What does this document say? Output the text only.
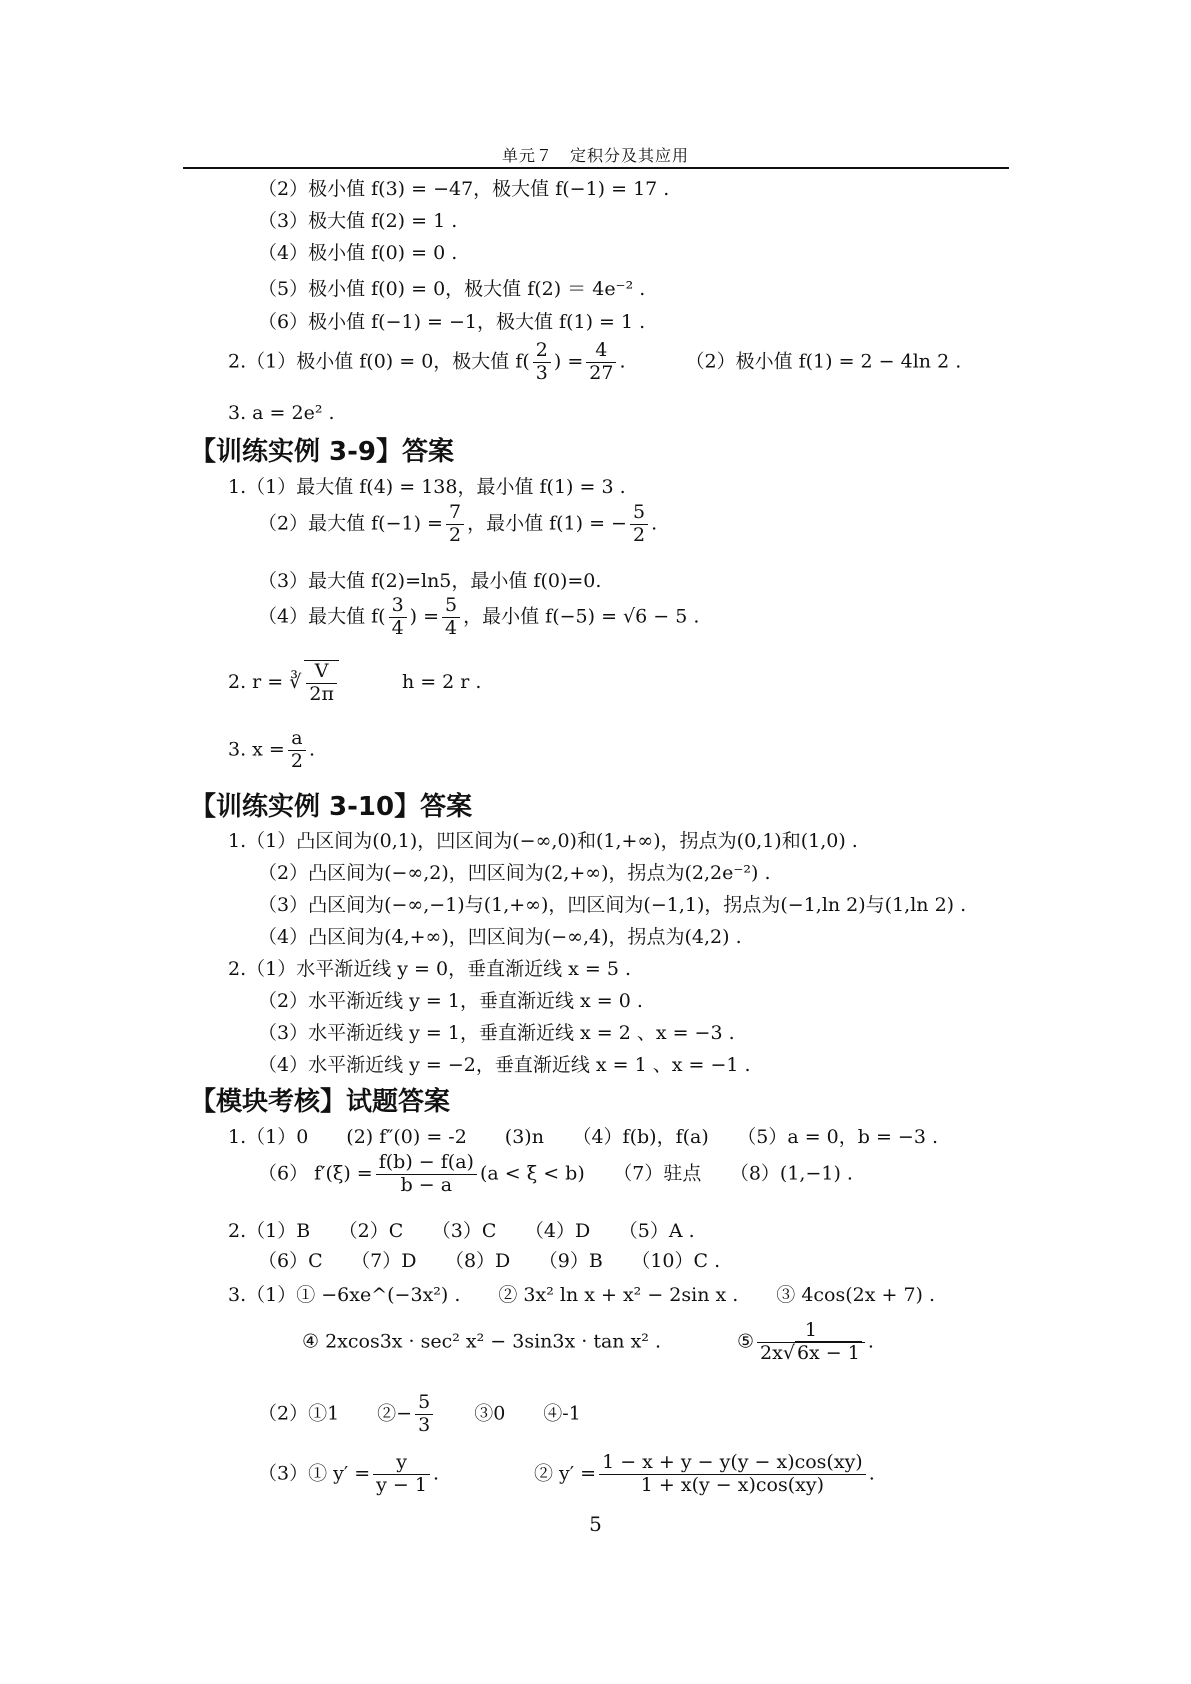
单元７　定积分及其应用
（2）极小值 f(3) = −47，极大值 f(−1) = 17 .
（3）极大值 f(2) = 1 .
（4）极小值 f(0) = 0 .
（5）极小值 f(0) = 0，极大值 f(2) ＝ 4e⁻² .
（6）极小值 f(−1) = −1，极大值 f(1) = 1 .
2.（1）极小值 f(0) = 0，极大值 $f( \frac{2}{3}$ ) = $\frac{4}{27}$ .	（2）极小值 f(1) = 2 − 4ln 2 .
3. a = 2e² .
【训练实例 3-9】答案
1.（1）最大值 f(4) = 138，最小值 f(1) = 3 .
（2）最大值 $f(-1) = \frac{7}{2}$ ，最小值 f(1) = − $\frac{5}{2}$ .
（3）最大值 f(2)=ln5，最小值 f(0)=0.
（4）最大值 $f( \frac{3}{4}$ ) = $\frac{5}{4}$ ，最小值 f(−5) = √6 − 5 .
2. r = ∛ $\frac{V}{2\pi}$	h = 2 r .
3. $x = \frac{a}{2}$ .
【训练实例 3-10】答案
1.（1）凸区间为(0,1)，凹区间为(−∞,0)和(1,+∞)，拐点为(0,1)和(1,0) .
（2）凸区间为(−∞,2)，凹区间为(2,+∞)，拐点为(2,2e⁻²) .
（3）凸区间为(−∞,−1)与(1,+∞)，凹区间为(−1,1)，拐点为(−1,ln 2)与(1,ln 2) .
（4）凸区间为(4,+∞)，凹区间为(−∞,4)，拐点为(4,2) .
2.（1）水平渐近线 y = 0，垂直渐近线 x = 5 .
（2）水平渐近线 y = 1，垂直渐近线 x = 0 .
（3）水平渐近线 y = 1，垂直渐近线 x = 2 、x = −3 .
（4）水平渐近线 y = −2，垂直渐近线 x = 1 、x = −1 .
【模块考核】试题答案
1.（1）0　　(2) f″(0) = -2　　(3)n　　（4）f(b)，f(a)　　（5）a = 0，b = −3 .
（6） $f'(\xi) = \frac{f(b) - f(a)}{b - a} (a < \xi < b)$　　（7）驻点　　（8）(1,−1) .
2.（1）B　　（2）C　　（3）C　　（4）D　　（5）A .
（6）C　　（7）D　　（8）D　　（9）B　　（10）C .
3.（1）① −6xe^(−3x²) .　　② 3x² ln x + x² − 2sin x .　　③ 4cos(2x + 7) .
④ 2xcos3x · sec² x² − 3sin3x · tan x² .　　　　⑤ $\frac{1}{2x√ 6x - 1}$ .
（2）①1　　②− $\frac{5}{3}$ 　　③0　　④-1
（3）① $y' = \frac{y}{y - 1}$ .　　　　　② $y' = \frac{1 - x + y - y(y - x)\cos(xy)}{1 + x(y - x)\cos(xy)}$ .
5
